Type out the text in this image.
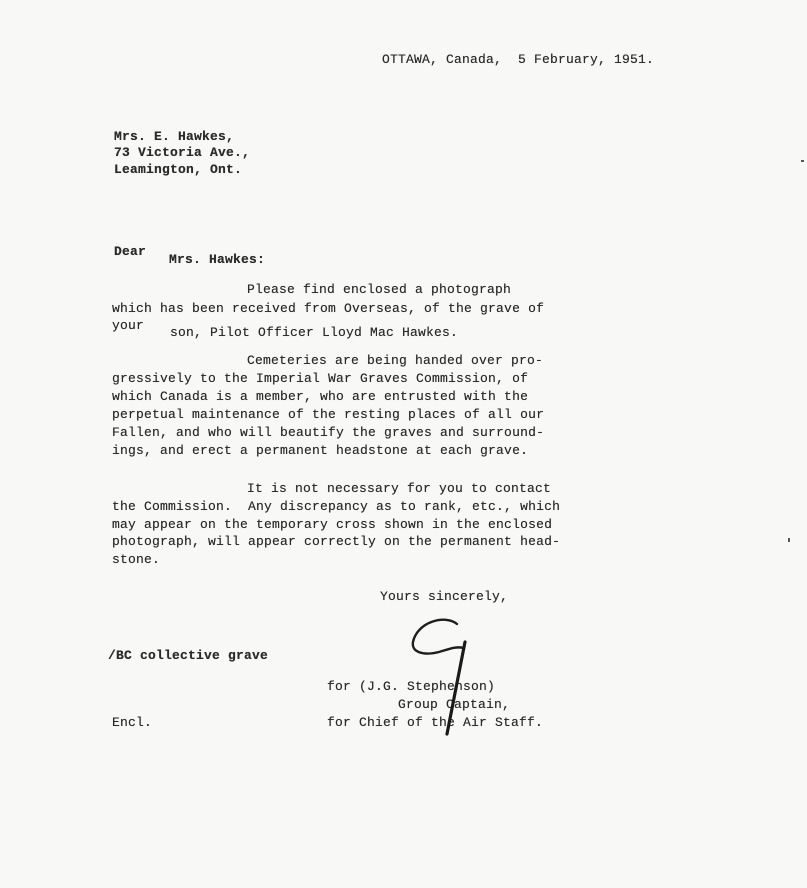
OTTAWA, Canada,  5 February, 1951.
Mrs. E. Hawkes,
73 Victoria Ave.,
Leamington, Ont.
Dear
Mrs. Hawkes:
Please find enclosed a photograph
which has been received from Overseas, of the grave of
your son, Pilot Officer Lloyd Mac Hawkes.
Cemeteries are being handed over pro-
gressively to the Imperial War Graves Commission, of
which Canada is a member, who are entrusted with the
perpetual maintenance of the resting places of all our
Fallen, and who will beautify the graves and surround-
ings, and erect a permanent headstone at each grave.
It is not necessary for you to contact
the Commission.  Any discrepancy as to rank, etc., which
may appear on the temporary cross shown in the enclosed
photograph, will appear correctly on the permanent head-
stone.
Yours sincerely,
/BC collective grave
for (J.G. Stephenson)
Group Captain,
for Chief of the Air Staff.
Encl.
